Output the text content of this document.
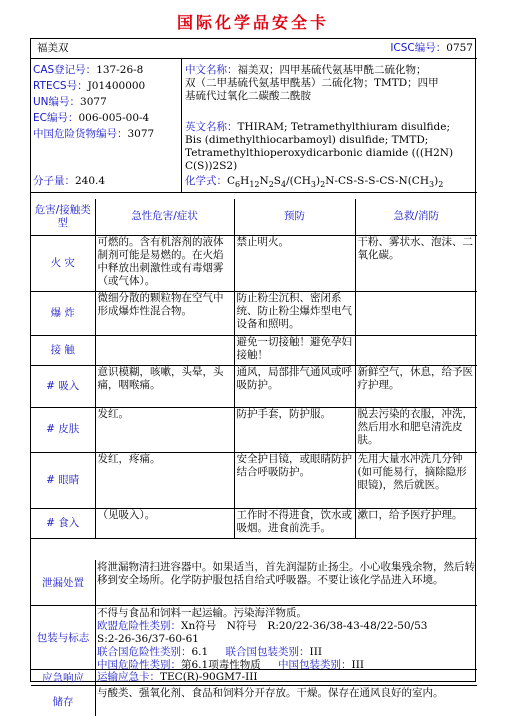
国际化学品安全卡
福美双	ICSC编号：0757
CAS登记号：137-26-8
RTECS号：J01400000
UN编号：3077
EC编号：006-005-00-4
中国危险货物编号：3077
分子量：240.4
中文名称：福美双；四甲基硫代氨基甲酰二硫化物；
双（二甲基硫代氨基甲酰基）二硫化物；TMTD；四甲
基硫代过氧化二碳酸二酰胺
英文名称：THIRAM; Tetramethylthiuram disulfide;
Bis (dimethylthiocarbamoyl) disulfide; TMTD;
Tetramethylthioperoxydicarbonic diamide (((H2N)
C(S))2S2)
化学式：$C_6H_{12}N_2S_4/(CH_3)_2N-CS-S-S-CS-N(CH_3)_2$
危害/接触类型	急性危害/症状	预防	急救/消防
火 灾	可燃的。含有机溶剂的液体制剂可能是易燃的。在火焰中释放出刺激性或有毒烟雾（或气体）。	禁止明火。	干粉、雾状水、泡沫、二氧化碳。
爆 炸	微细分散的颗粒物在空气中形成爆炸性混合物。	防止粉尘沉积、密闭系统、防止粉尘爆炸型电气设备和照明。	
接 触		避免一切接触！避免孕妇接触！	
# 吸入	意识模糊，咳嗽，头晕，头痛，咽喉痛。	通风，局部排气通风或呼吸防护。	新鲜空气，休息，给予医疗护理。
# 皮肤	发红。	防护手套，防护服。	脱去污染的衣服，冲洗，然后用水和肥皂清洗皮肤。
# 眼睛	发红，疼痛。	安全护目镜，或眼睛防护结合呼吸防护。	先用大量水冲洗几分钟(如可能易行，摘除隐形眼镜)，然后就医。
# 食入	（见吸入）。	工作时不得进食，饮水或吸烟。进食前洗手。	漱口，给予医疗护理。
泄漏处置
将泄漏物清扫进容器中。如果适当，首先润湿防止扬尘。小心收集残余物，然后转移到安全场所。化学防护服包括自给式呼吸器。不要让该化学品进入环境。
包装与标志
不得与食品和饲料一起运输。污染海洋物质。
欧盟危险性类别：Xn符号　N符号　R:20/22-36/38-43-48/22-50/53
S:2-26-36/37-60-61
联合国危险性类别：6.1 联合国包装类别：III
中国危险性类别：第6.1项毒性物质 中国包装类别：III
应急响应	运输应急卡：TEC(R)-90GM7-III
储存
与酸类、强氧化剂、食品和饲料分开存放。干燥。保存在通风良好的室内。
